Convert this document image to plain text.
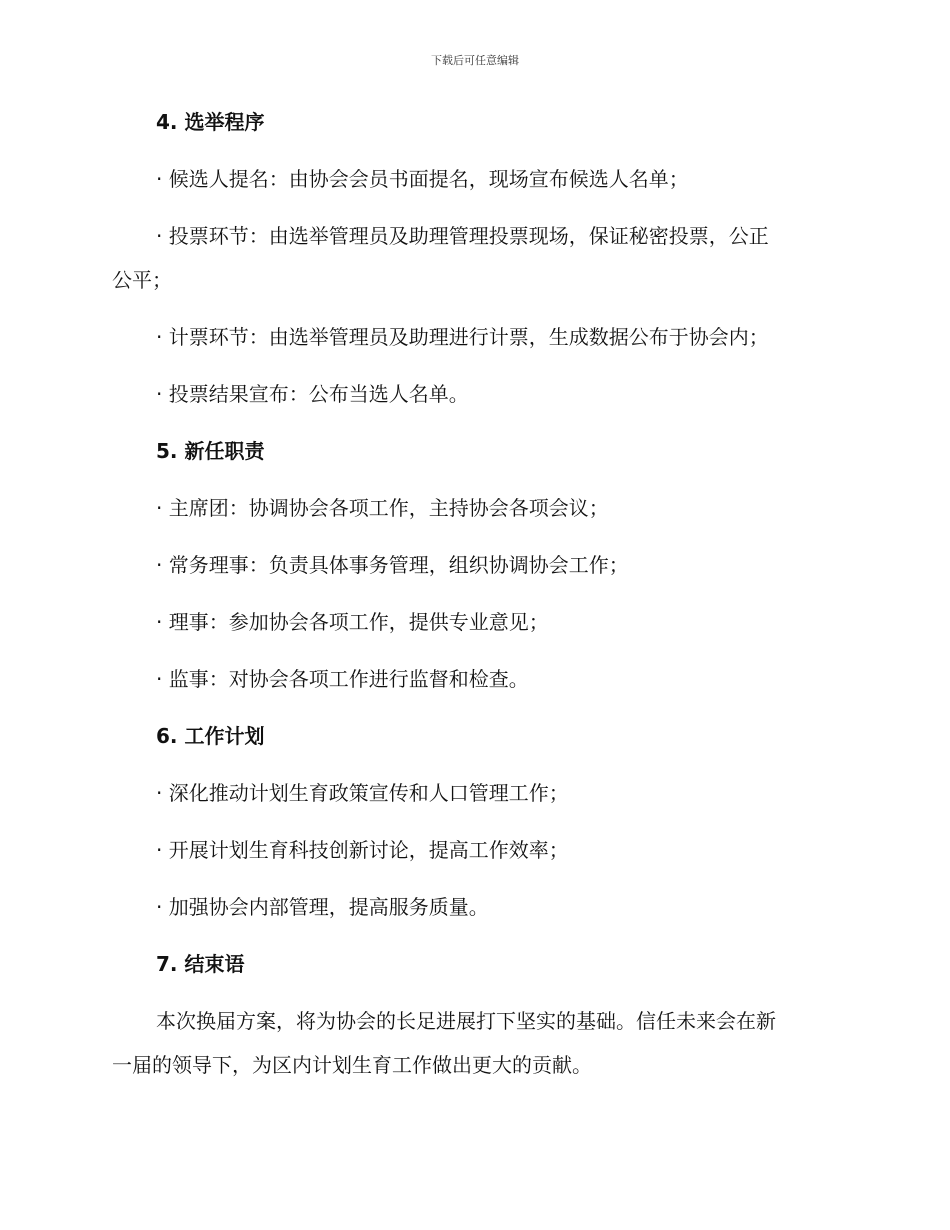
下载后可任意编辑

4. 选举程序

· 候选人提名：由协会会员书面提名，现场宣布候选人名单；

· 投票环节：由选举管理员及助理管理投票现场，保证秘密投票，公正

公平；

· 计票环节：由选举管理员及助理进行计票，生成数据公布于协会内；

· 投票结果宣布：公布当选人名单。

5. 新任职责

· 主席团：协调协会各项工作，主持协会各项会议；

· 常务理事：负责具体事务管理，组织协调协会工作；

· 理事：参加协会各项工作，提供专业意见；

· 监事：对协会各项工作进行监督和检查。

6. 工作计划

· 深化推动计划生育政策宣传和人口管理工作；

· 开展计划生育科技创新讨论，提高工作效率；

· 加强协会内部管理，提高服务质量。

7. 结束语

本次换届方案，将为协会的长足进展打下坚实的基础。信任未来会在新

一届的领导下，为区内计划生育工作做出更大的贡献。
